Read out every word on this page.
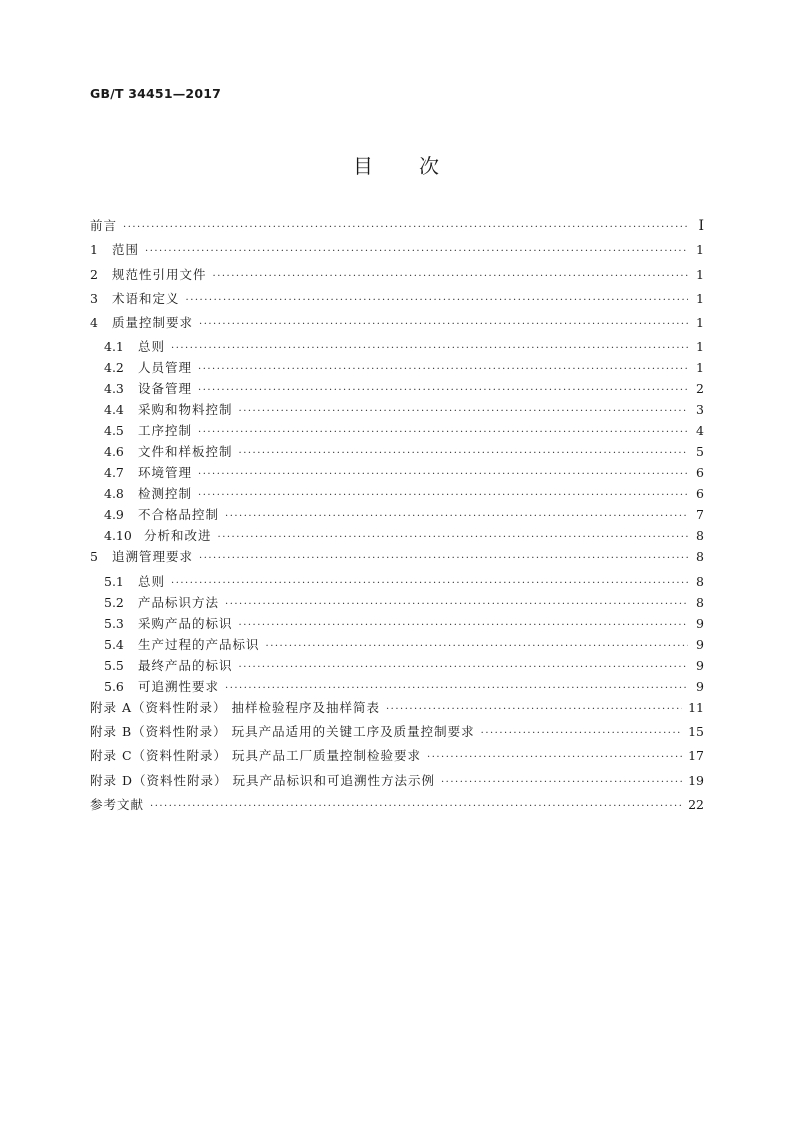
GB/T 34451—2017
目 次
前言 ·····	Ⅰ
1	范围 ·····	1
2	规范性引用文件 ·····	1
3	术语和定义 ·····	1
4	质量控制要求 ·····	1
4.1	总则 ·····	1
4.2	人员管理 ·····	1
4.3	设备管理 ·····	2
4.4	采购和物料控制 ·····	3
4.5	工序控制 ·····	4
4.6	文件和样板控制 ·····	5
4.7	环境管理 ·····	6
4.8	检测控制 ·····	6
4.9	不合格品控制 ·····	7
4.10 分析和改进 ·····	8
5	追溯管理要求 ·····	8
5.1	总则 ·····	8
5.2	产品标识方法 ·····	8
5.3	采购产品的标识 ·····	9
5.4	生产过程的产品标识 ·····	9
5.5	最终产品的标识 ·····	9
5.6	可追溯性要求 ·····	9
附录 A（资料性附录） 抽样检验程序及抽样简表 ·····	11
附录 B（资料性附录） 玩具产品适用的关键工序及质量控制要求 ·····	15
附录 C（资料性附录） 玩具产品工厂质量控制检验要求 ·····	17
附录 D（资料性附录） 玩具产品标识和可追溯性方法示例 ·····	19
参考文献 ·····	22
